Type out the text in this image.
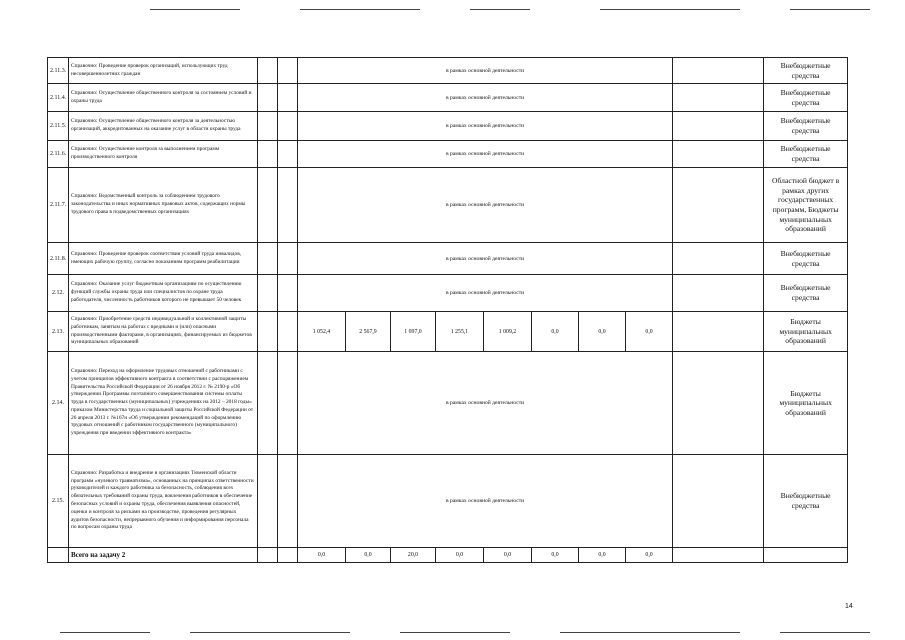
2.11.3.	Справочно: Проведение проверок организаций, использующих труд несовершеннолетних граждан			в рамках основной деятельности									Внебюджетные средства
2.11.4.	Справочно: Осуществление общественного контроля за состоянием условий и охраны труда			в рамках основной деятельности									Внебюджетные средства
2.11.5.	Справочно: Осуществление общественного контроля за деятельностью организаций, аккредитованных на оказание услуг в области охраны труда			в рамках основной деятельности									Внебюджетные средства
2.11.6.	Справочно: Осуществление контроля за выполнением программ производственного контроля			в рамках основной деятельности									Внебюджетные средства
2.11.7.	Справочно: Ведомственный контроль за соблюдением трудового законодательства и иных нормативных правовых актов, содержащих нормы трудового права в подведомственных организациях			в рамках основной деятельности									Областной бюджет в рамках других государственных программ, Бюджеты муниципальных образований
2.11.8.	Справочно: Проведение проверок соответствия условий труда инвалидов, имеющих рабочую группу, согласно показаниям программ реабилитации			в рамках основной деятельности									Внебюджетные средства
2.12.	Справочно: Оказание услуг бюджетным организациям по осуществлению функций службы охраны труда или специалистов по охране труда работодателя, численность работников которого не превышает 50 человек			в рамках основной деятельности									Внебюджетные средства
2.13.	Справочно: Приобретение средств индивидуальной и коллективной защиты работникам, занятым на работах с вредными и (или) опасными производственными факторами, в организациях, финансируемых из бюджетов муниципальных образований			1 052,4	2 567,9	1 097,0	1 255,1	1 009,2	0,0	0,0	0,0		Бюджеты муниципальных образований
2.14.	Справочно: Переход на оформление трудовых отношений с работниками с учетом принципов эффективного контракта в соответствии с распоряжением Правительства Российской Федерации от 26 ноября 2012 г. № 2190-р «Об утверждении Программы поэтапного совершенствования системы оплаты труда в государственных (муниципальных) учреждениях на 2012 – 2018 годы» приказом Министерства труда и социальной защиты Российской Федерации от 26 апреля 2013 г. №167н «Об утверждении рекомендаций по оформлению трудовых отношений с работником государственного (муниципального) учреждения при введении эффективного контракта»			в рамках основной деятельности									Бюджеты муниципальных образований
2.15.	Справочно: Разработка и внедрение в организациях Тюменской области программ «нулевого травматизма», основанных на принципах ответственности руководителей и каждого работника за безопасность, соблюдения всех обязательных требований охраны труда, вовлечения работников в обеспечение безопасных условий и охраны труда, обеспечения выявления опасностей, оценки и контроля за рисками на производстве, проведения регулярных аудитов безопасности, непрерывного обучения и информирования персонала по вопросам охраны труда			в рамках основной деятельности									Внебюджетные средства
	Всего на задачу 2			0,0	0,0	20,0	0,0	0,0	0,0	0,0	0,0		
14
